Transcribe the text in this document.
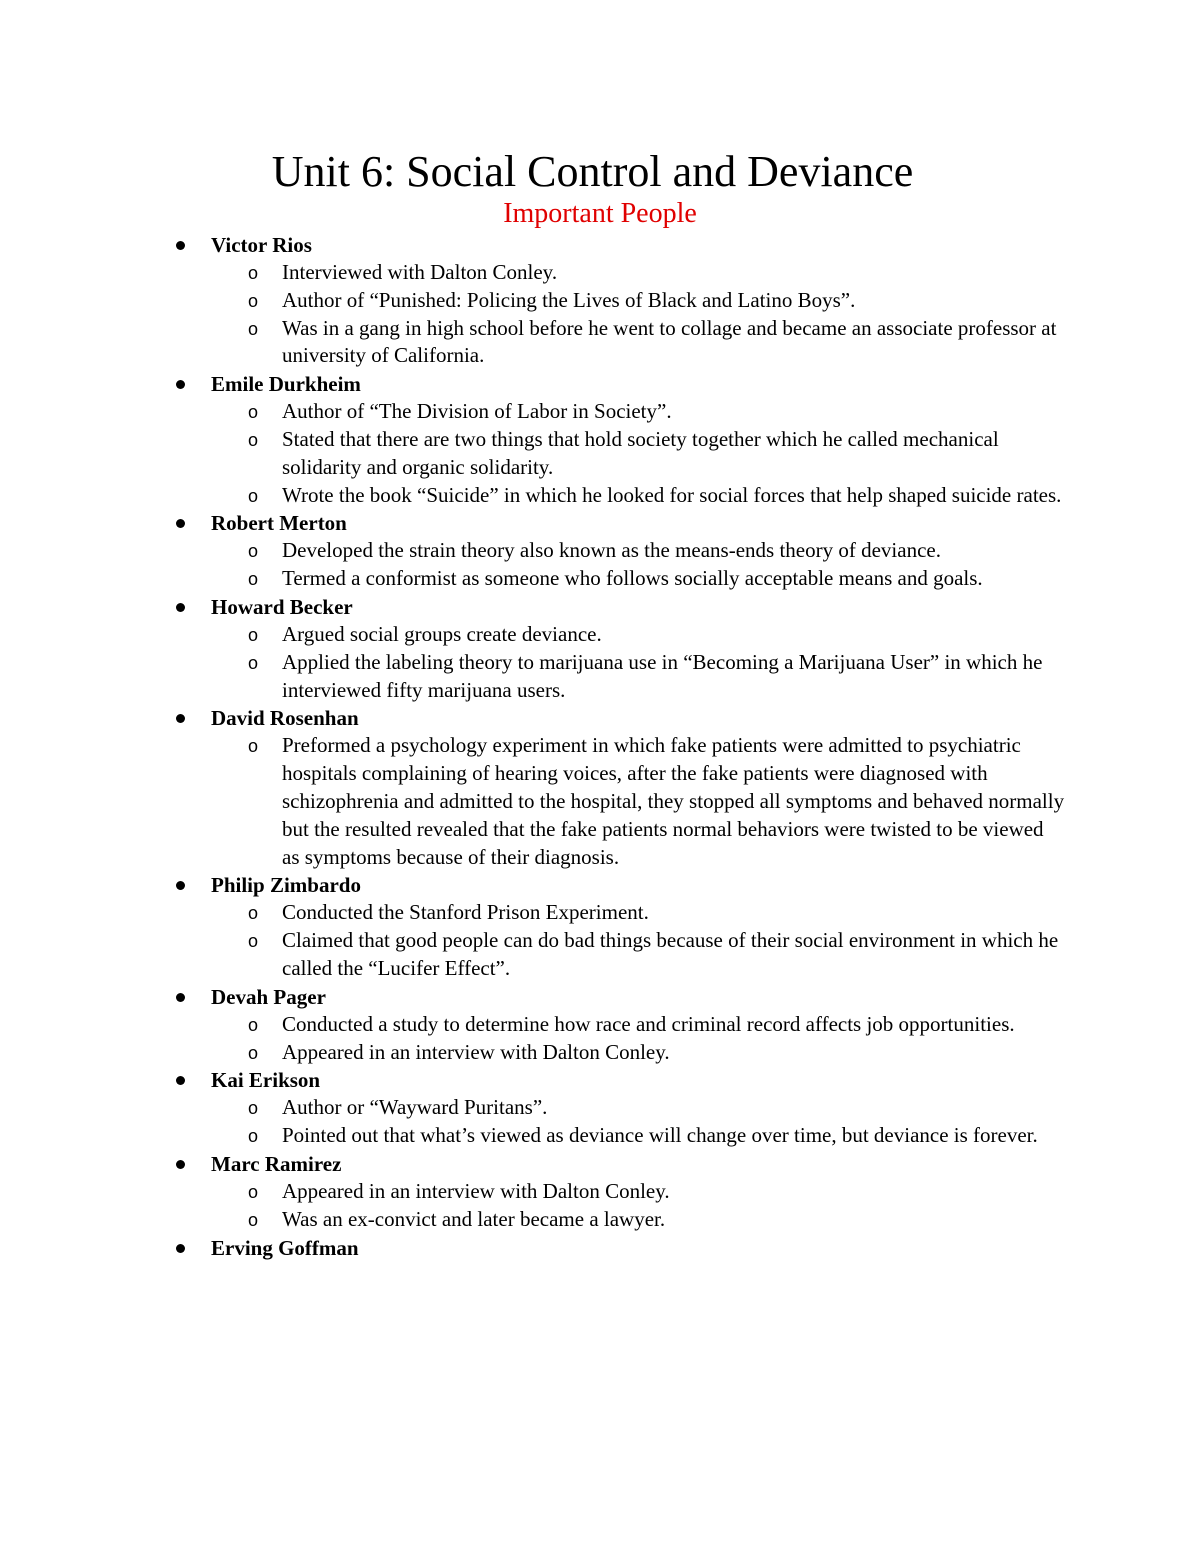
Unit 6: Social Control and Deviance
Important People
Victor Rios
o Interviewed with Dalton Conley.
o Author of “Punished: Policing the Lives of Black and Latino Boys”.
o Was in a gang in high school before he went to collage and became an associate professor at university of California.
Emile Durkheim
o Author of “The Division of Labor in Society”.
o Stated that there are two things that hold society together which he called mechanical solidarity and organic solidarity.
o Wrote the book “Suicide” in which he looked for social forces that help shaped suicide rates.
Robert Merton
o Developed the strain theory also known as the means-ends theory of deviance.
o Termed a conformist as someone who follows socially acceptable means and goals.
Howard Becker
o Argued social groups create deviance.
o Applied the labeling theory to marijuana use in “Becoming a Marijuana User” in which he interviewed fifty marijuana users.
David Rosenhan
o Preformed a psychology experiment in which fake patients were admitted to psychiatric hospitals complaining of hearing voices, after the fake patients were diagnosed with schizophrenia and admitted to the hospital, they stopped all symptoms and behaved normally but the resulted revealed that the fake patients normal behaviors were twisted to be viewed as symptoms because of their diagnosis.
Philip Zimbardo
o Conducted the Stanford Prison Experiment.
o Claimed that good people can do bad things because of their social environment in which he called the “Lucifer Effect”.
Devah Pager
o Conducted a study to determine how race and criminal record affects job opportunities.
o Appeared in an interview with Dalton Conley.
Kai Erikson
o Author or “Wayward Puritans”.
o Pointed out that what’s viewed as deviance will change over time, but deviance is forever.
Marc Ramirez
o Appeared in an interview with Dalton Conley.
o Was an ex-convict and later became a lawyer.
Erving Goffman
